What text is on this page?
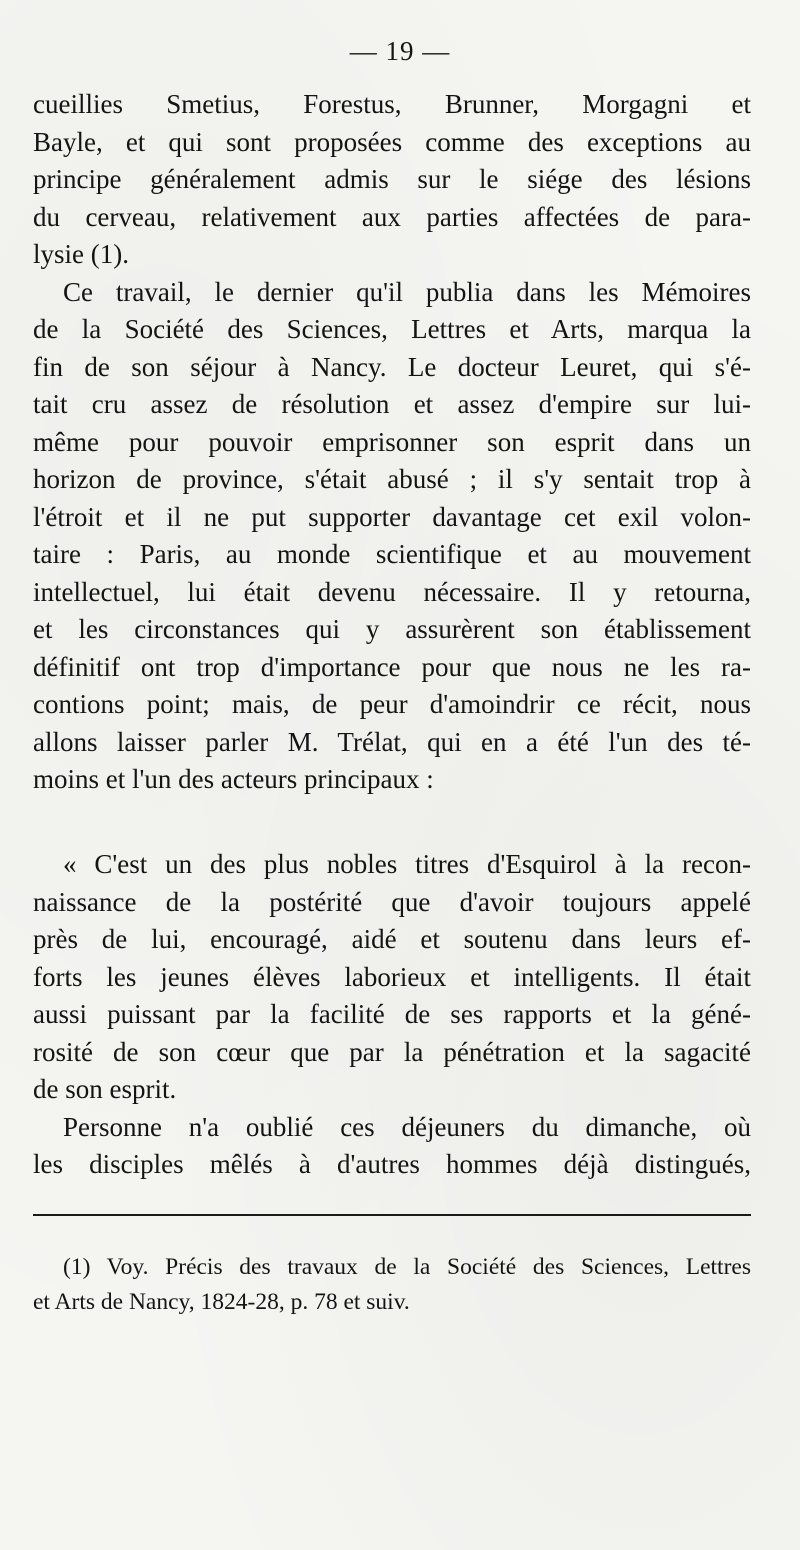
— 19 —
cueillies Smetius, Forestus, Brunner, Morgagni et
Bayle, et qui sont proposées comme des exceptions au
principe généralement admis sur le siége des lésions
du cerveau, relativement aux parties affectées de para-
lysie (1).
Ce travail, le dernier qu'il publia dans les Mémoires
de la Société des Sciences, Lettres et Arts, marqua la
fin de son séjour à Nancy. Le docteur Leuret, qui s'é-
tait cru assez de résolution et assez d'empire sur lui-
même pour pouvoir emprisonner son esprit dans un
horizon de province, s'était abusé ; il s'y sentait trop à
l'étroit et il ne put supporter davantage cet exil volon-
taire : Paris, au monde scientifique et au mouvement
intellectuel, lui était devenu nécessaire. Il y retourna,
et les circonstances qui y assurèrent son établissement
définitif ont trop d'importance pour que nous ne les ra-
contions point; mais, de peur d'amoindrir ce récit, nous
allons laisser parler M. Trélat, qui en a été l'un des té-
moins et l'un des acteurs principaux :
« C'est un des plus nobles titres d'Esquirol à la recon-
naissance de la postérité que d'avoir toujours appelé
près de lui, encouragé, aidé et soutenu dans leurs ef-
forts les jeunes élèves laborieux et intelligents. Il était
aussi puissant par la facilité de ses rapports et la géné-
rosité de son cœur que par la pénétration et la sagacité
de son esprit.
Personne n'a oublié ces déjeuners du dimanche, où
les disciples mêlés à d'autres hommes déjà distingués,
(1) Voy. Précis des travaux de la Société des Sciences, Lettres
et Arts de Nancy, 1824-28, p. 78 et suiv.
